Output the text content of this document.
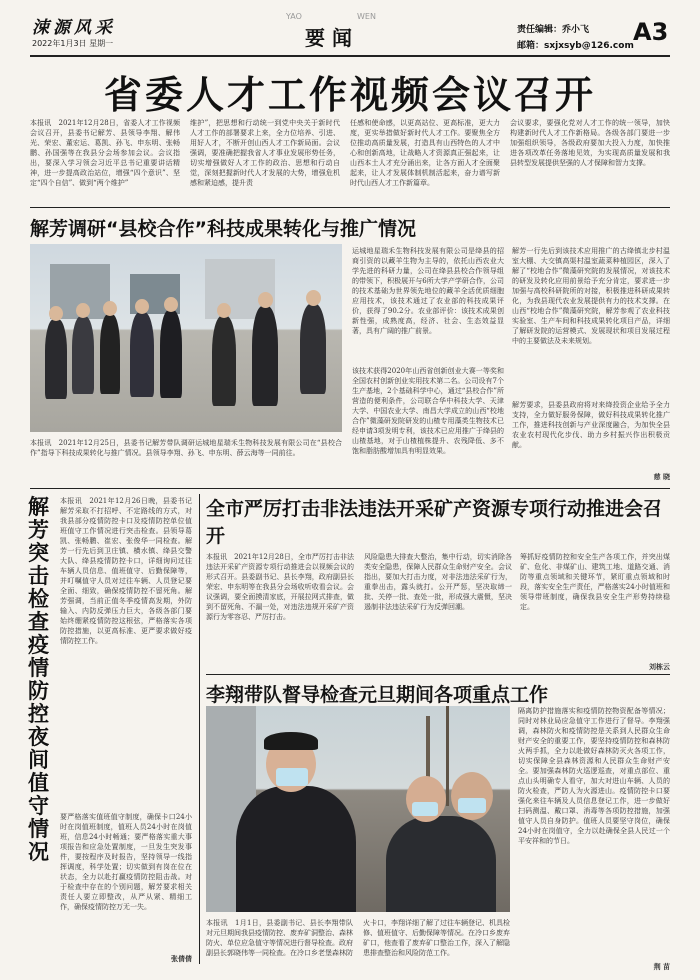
涑源风采
2022年1月3日 星期一
YAO	WEN
要 闻	责任编辑：乔小飞
邮箱：sxjxsyb@126.com A3
省委人才工作视频会议召开
本报讯　2021年12月28日，省委人才工作视频会议召开，县委书记解芳、县领导李翔、解伟光、荣宏、董宏运、葛凯、孙飞、申东明、张畅鹏、孙国强等在我县分会场参加会议。会议指出，要深入学习领会习近平总书记重要讲话精神，进一步提高政治站位，增强“四个意识”、坚定“四个自信”、做到“两个维护”
维护”，把思想和行动统一到党中央关于新时代人才工作的部署要求上来，全力位培养、引进、用好人才，不断开创山西人才工作新局面。会议强调，要准确把握我省人才事业发展形势任务，切实增强做好人才工作的政治、思想和行动自觉，深刻把握新时代人才发展的大势，增强危机感和紧迫感，提升责
任感和使命感，以更高站位、更高标准，更大力度，更实举措做好新时代人才工作。要聚焦全方位推动高质量发展，打造具有山西特色的人才中心和创新高地，让战略人才资源真正强起来，让山西本土人才充分涌出来，让各方面人才全面聚起来，让人才发展体制机制活起来，奋力谱写新时代山西人才工作新篇章。
会议要求，要强化党对人才工作的统一领导，加快构建新时代人才工作新格局。各级各部门要进一步加强组织领导，各级政府要加大投入力度，加快推进各项改革任务落地见效，为实现高质量发展和我县转型发展提供坚强的人才保障和智力支撑。
解芳调研“县校合作”科技成果转化与推广情况
本报讯　2021年12月25日，县委书记解芳带队调研运城地星瑞禾生物科技发展有限公司在“县校合作”指导下科技成果转化与推广情况。县领导李翔、孙飞、申东明、薛云海等一同前往。
运城地星瑞禾生物科技发展有限公司是绛县的招商引资的以藏羊生物为主导的，依托山西农业大学先进的科研力量，公司在绛县县校合作领导组的带领下，积极展开与6所大学产学研合作，公司的技术基础为世界领先地位的藏羊全活优质细胞应用技术，该技术通过了农业部的科技成果评价，获得了90.2分。农业部评价：该技术成果创新性强，成熟度高，经济、社会、生态效益显著，具有广阔的推广前景。
该技术获得2020年山西省创新创业大赛一等奖和全国农村创新创业实用技术第二名。公司设有7个生产基地，2个基础科学中心，通过“县校合作”所营造的便利条件，公司联合华中科技大学、天津大学、中国农业大学、南昌大学成立的山西“校地合作”微藻研发院研发的山楂专用藻类生物技术已经申请3项发明专利，该技术已应用推广于绛县的山楂基地，对于山楂植株提升、农残降低、多不饱和脂肪酸增加具有明显效果。
解芳一行先后到该技术应用推广的古绛镇北步村温室大棚、大交镇高渠村温室蔬菜种植园区，深入了解了“校地合作”微藻研究院的发展情况，对该技术的研发及转化应用前景给予充分肯定，要求进一步加强与高校科研院所的对接，积极推进科研成果转化，为我县现代农业发展提供有力的技术支撑。在山西“校地合作”微藻研究院，解芳参观了农业科技实验室、生产车间和科技成果转化项目产品，详细了解研发院的运营模式、发展现状和项目发展过程中的主要做法及未来规划。
解芳要求，县委县政府将对来绛投资企业给予全力支持，全力做好服务保障，做好科技成果转化推广工作，推进科技创新与产业深度融合，为加快全县农业农村现代化步伐、助力乡村振兴作出积极贡献。
慈 晓
解芳突击检查疫情防控夜间值守情况
本报讯　2021年12月26日晚，县委书记解芳采取不打招呼、不定路线的方式，对我县部分疫情防控卡口及疫情防控单位值班值守工作情况进行突击检查。县领导葛凯、张畅鹏、崔宏、张俊华一同检查。解芳一行先后到卫庄镇、横水镇、绛县交警大队、绛县疫情防控卡口，详细询问过往车辆人员信息、值班值守、后勤保障等，并叮嘱值守人员对过往车辆、人员登记要全面、细致，确保疫情防控不留死角。解芳强调，当前正值冬季疫情高发期，外防输入、内防反弹压力巨大，各级各部门要始终绷紧疫情防控这根弦，严格落实各项防控措施，以更高标准、更严要求做好疫情防控工作。
要严格落实值班值守制度，确保卡口24小时在岗值班制度，值班人员24小时在岗值班，信息24小时畅通；要严格落实重大事项报告和应急处置制度，一旦发生突发事件，要按程序及时报告，坚持领导一线指挥调度，科学处置；切实做到有岗在位在状态，全力以赴打赢疫情防控阻击战。对于检查中存在的个别问题，解芳要求相关责任人要立即整改，从严从紧、精细工作，确保疫情防控万无一失。
张倩倩
全市严厉打击非法违法开采矿产资源专项行动推进会召开
本报讯　2021年12月28日，全市严厉打击非法违法开采矿产资源专项行动推进会以视频会议的形式召开。县委副书记、县长李翔，政府副县长荣宏、申东明等在我县分会场收听收看会议。会议强调，要全面摸清家底，开展拉网式排查，做到不留死角、不漏一处，对违法违规开采矿产资源行为零容忍、严厉打击。
风险隐患大排查大整治，集中行动，切实消除各类安全隐患，保障人民群众生命财产安全。会议指出，要加大打击力度，对非法违法采矿行为，重拳出击，露头就打。公开严惩，坚决取缔一批、关停一批、查处一批，形成强大震慑，坚决遏制非法违法采矿行为反弹回潮。
筹抓好疫情防控和安全生产各项工作，并突出煤矿、危化、非煤矿山、建筑工地、道路交通、消防等重点领域和关键环节，紧盯重点领域和时段，落实安全生产责任，严格落实24小时值班和领导带班制度，确保我县安全生产形势持续稳定。
刘栋云
李翔带队督导检查元旦期间各项重点工作
本报讯　1月1日，县委副书记、县长李翔带队对元旦期间我县疫情防控、废弃矿洞整治、森林防火、单位应急值守等情况进行督导检查。政府副县长郭晓伟等一同检查。在冷口乡老堡森林防火卡口，李翔详细了解了过往车辆登记、机具检修、值班值守、后勤保障等情况。在冷口乡废弃矿口，他查看了废弃矿口整治工作，深入了解隐患排查整治和风险防范工作。
隔离防护措施落实和疫情防控物资配备等情况；同时对林业局应急值守工作进行了督导。李翔强调，森林防火和疫情防控是关系到人民群众生命财产安全的重要工作，要坚持疫情防控和森林防火两手抓，全力以赴做好森林防灭火各项工作，切实保障全县森林资源和人民群众生命财产安全。要加强森林防火巡逻巡查，对重点部位、重点山头明确专人看守，加大对进山车辆、人员的防火检查，严防人为火源进山。疫情防控卡口要强化来往车辆及人员信息登记工作，进一步做好扫码测温、戴口罩、消毒等各项防控措施，加强值守人员自身防护。值班人员要坚守岗位，确保24小时在岗值守，全力以赴确保全县人民过一个平安祥和的节日。
荆 苗
